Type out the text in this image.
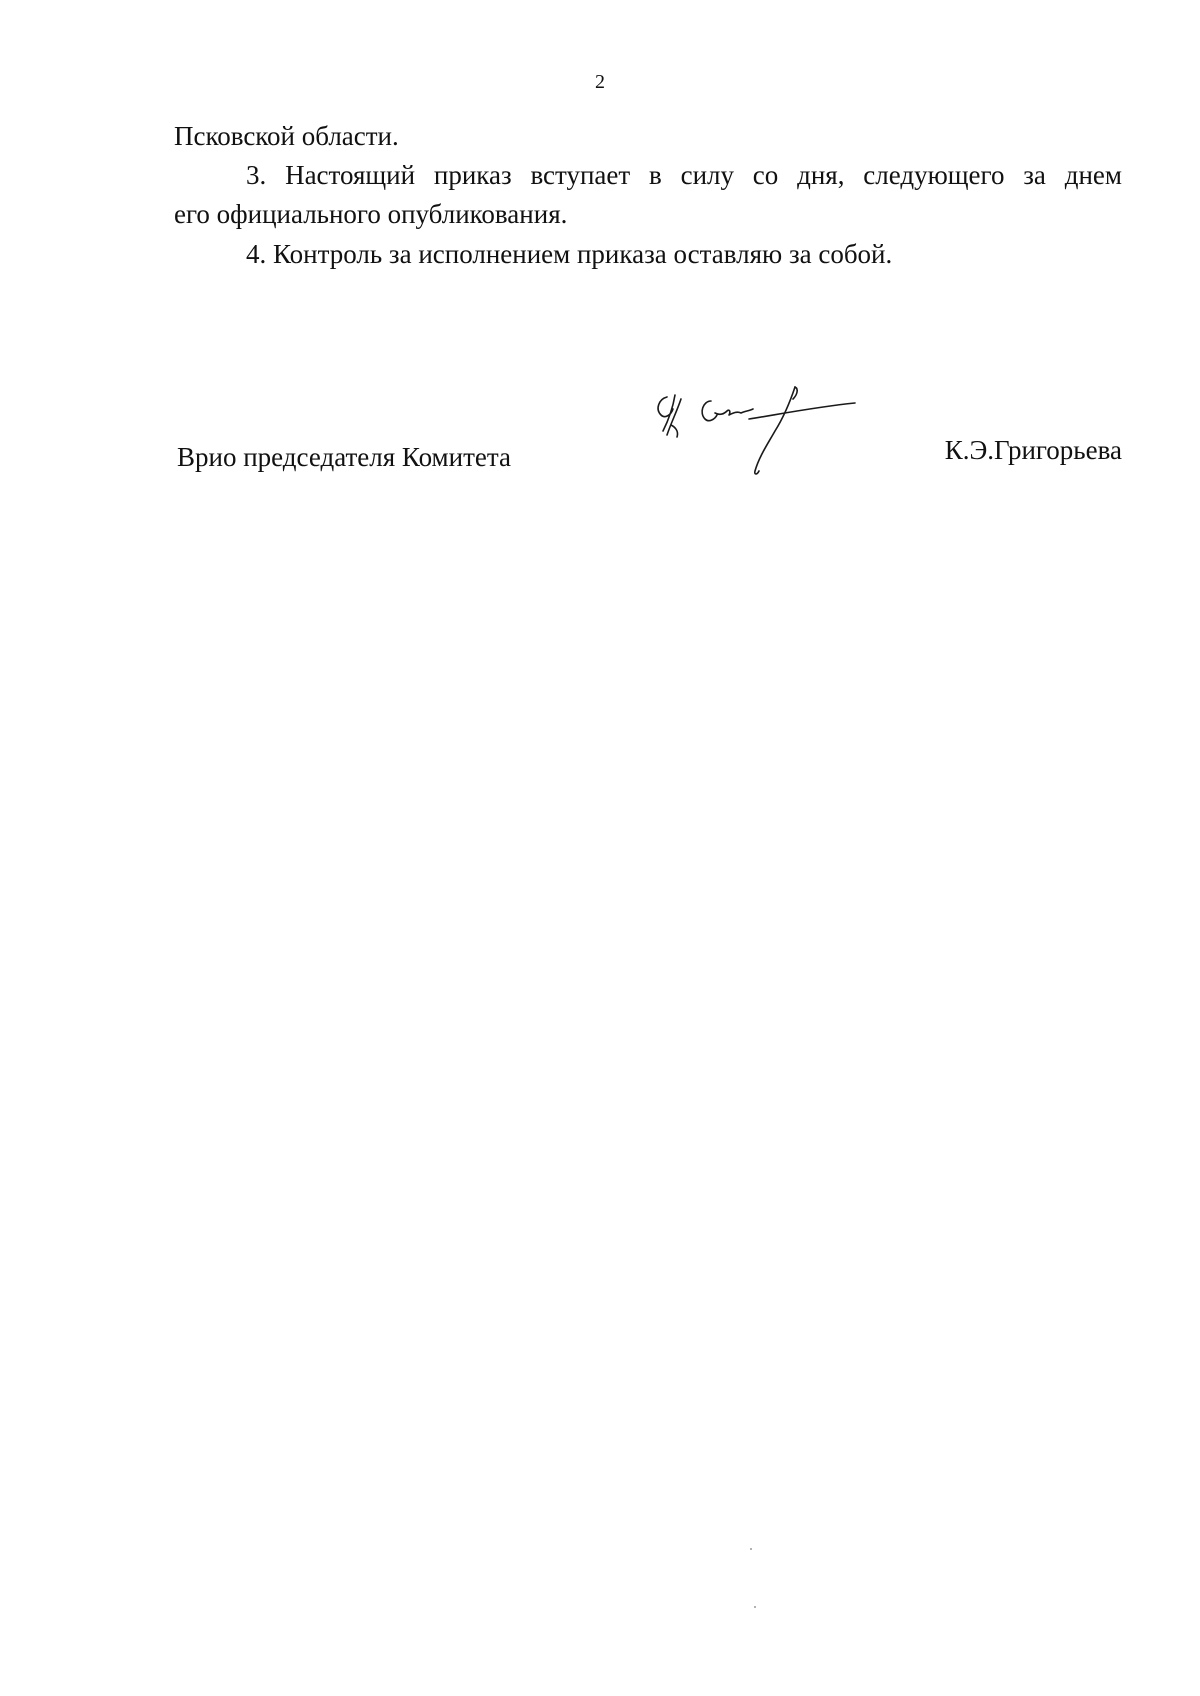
2
Псковской области.
3. Настоящий приказ вступает в силу со дня, следующего за днем
его официального опубликования.
4. Контроль за исполнением приказа оставляю за собой.
Врио председателя Комитета	К.Э.Григорьева
